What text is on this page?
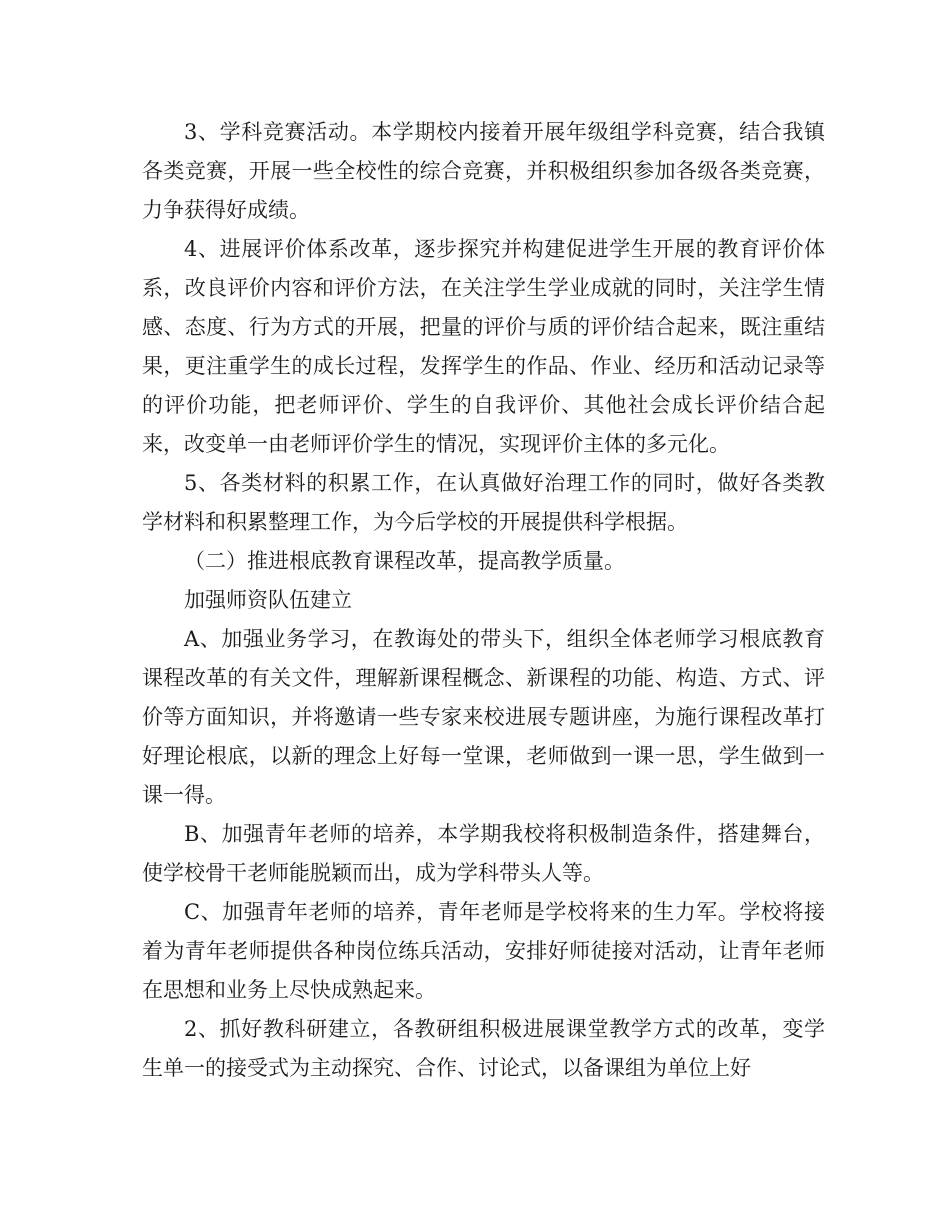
3、学科竞赛活动。本学期校内接着开展年级组学科竞赛，结合我镇各类竞赛，开展一些全校性的综合竞赛，并积极组织参加各级各类竞赛，力争获得好成绩。

4、进展评价体系改革，逐步探究并构建促进学生开展的教育评价体系，改良评价内容和评价方法，在关注学生学业成就的同时，关注学生情感、态度、行为方式的开展，把量的评价与质的评价结合起来，既注重结果，更注重学生的成长过程，发挥学生的作品、作业、经历和活动记录等的评价功能，把老师评价、学生的自我评价、其他社会成长评价结合起来，改变单一由老师评价学生的情况，实现评价主体的多元化。

5、各类材料的积累工作，在认真做好治理工作的同时，做好各类教学材料和积累整理工作，为今后学校的开展提供科学根据。

（二）推进根底教育课程改革，提高教学质量。

加强师资队伍建立

A、加强业务学习，在教诲处的带头下，组织全体老师学习根底教育课程改革的有关文件，理解新课程概念、新课程的功能、构造、方式、评价等方面知识，并将邀请一些专家来校进展专题讲座，为施行课程改革打好理论根底，以新的理念上好每一堂课，老师做到一课一思，学生做到一课一得。

B、加强青年老师的培养，本学期我校将积极制造条件，搭建舞台，使学校骨干老师能脱颖而出，成为学科带头人等。

C、加强青年老师的培养，青年老师是学校将来的生力军。学校将接着为青年老师提供各种岗位练兵活动，安排好师徒接对活动，让青年老师在思想和业务上尽快成熟起来。

2、抓好教科研建立，各教研组积极进展课堂教学方式的改革，变学生单一的接受式为主动探究、合作、讨论式，以备课组为单位上好
